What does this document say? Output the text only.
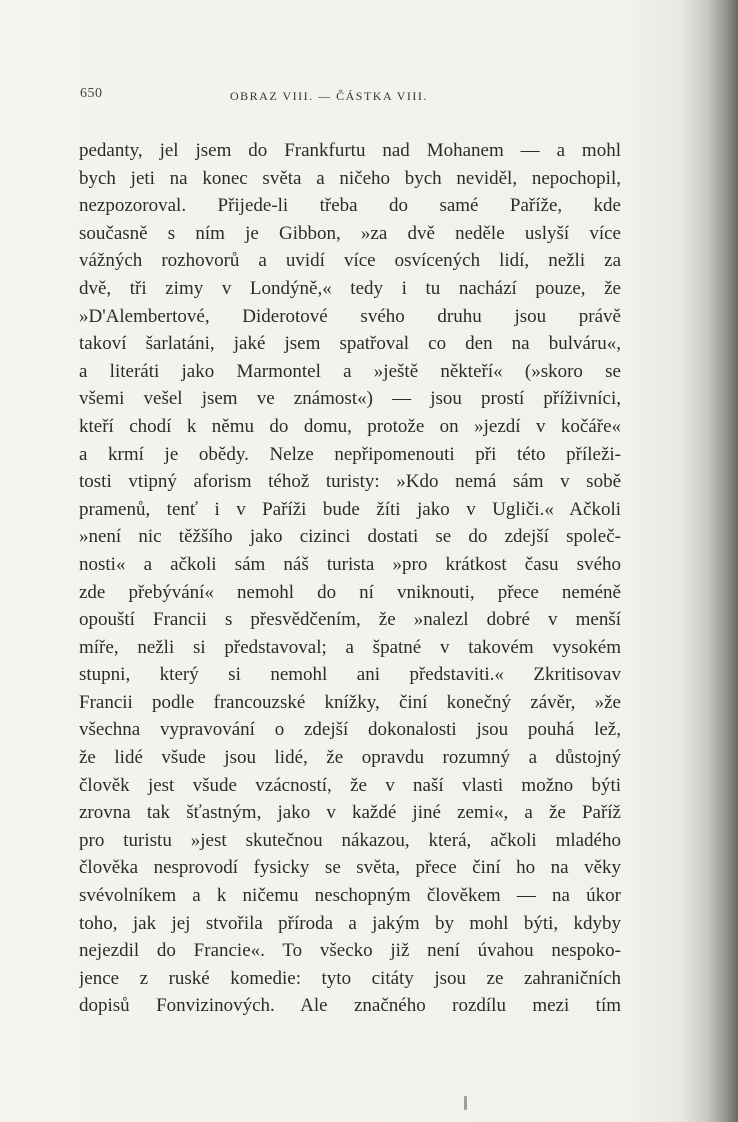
650	OBRAZ VIII. — ČÁSTKA VIII.
pedanty, jel jsem do Frankfurtu nad Mohanem — a mohl
bych jeti na konec světa a ničeho bych neviděl, nepochopil,
nezpozoroval. Přijede-li třeba do samé Paříže, kde
současně s ním je Gibbon, »za dvě neděle uslyší více
vážných rozhovorů a uvidí více osvícených lidí, nežli za
dvě, tři zimy v Londýně,« tedy i tu nachází pouze, že
»D'Alembertové, Diderotové svého druhu jsou právě
takoví šarlatáni, jaké jsem spatřoval co den na bulváru«,
a literáti jako Marmontel a »ještě někteří« (»skoro se
všemi vešel jsem ve známost«) — jsou prostí příživníci,
kteří chodí k němu do domu, protože on »jezdí v kočáře«
a krmí je obědy. Nelze nepřipomenouti při této příleži-
tosti vtipný aforism téhož turisty: »Kdo nemá sám v sobě
pramenů, tenť i v Paříži bude žíti jako v Ugliči.« Ačkoli
»není nic těžšího jako cizinci dostati se do zdejší společ-
nosti« a ačkoli sám náš turista »pro krátkost času svého
zde přebývání« nemohl do ní vniknouti, přece neméně
opouští Francii s přesvědčením, že »nalezl dobré v menší
míře, nežli si představoval; a špatné v takovém vysokém
stupni, který si nemohl ani představiti.« Zkritisovav
Francii podle francouzské knížky, činí konečný závěr, »že
všechna vypravování o zdejší dokonalosti jsou pouhá lež,
že lidé všude jsou lidé, že opravdu rozumný a důstojný
člověk jest všude vzácností, že v naší vlasti možno býti
zrovna tak šťastným, jako v každé jiné zemi«, a že Paříž
pro turistu »jest skutečnou nákazou, která, ačkoli mladého
člověka nesprovodí fysicky se světa, přece činí ho na věky
svévolníkem a k ničemu neschopným člověkem — na úkor
toho, jak jej stvořila příroda a jakým by mohl býti, kdyby
nejezdil do Francie«. To všecko již není úvahou nespoko-
jence z ruské komedie: tyto citáty jsou ze zahraničních
dopisů Fonvizinových. Ale značného rozdílu mezi tím
